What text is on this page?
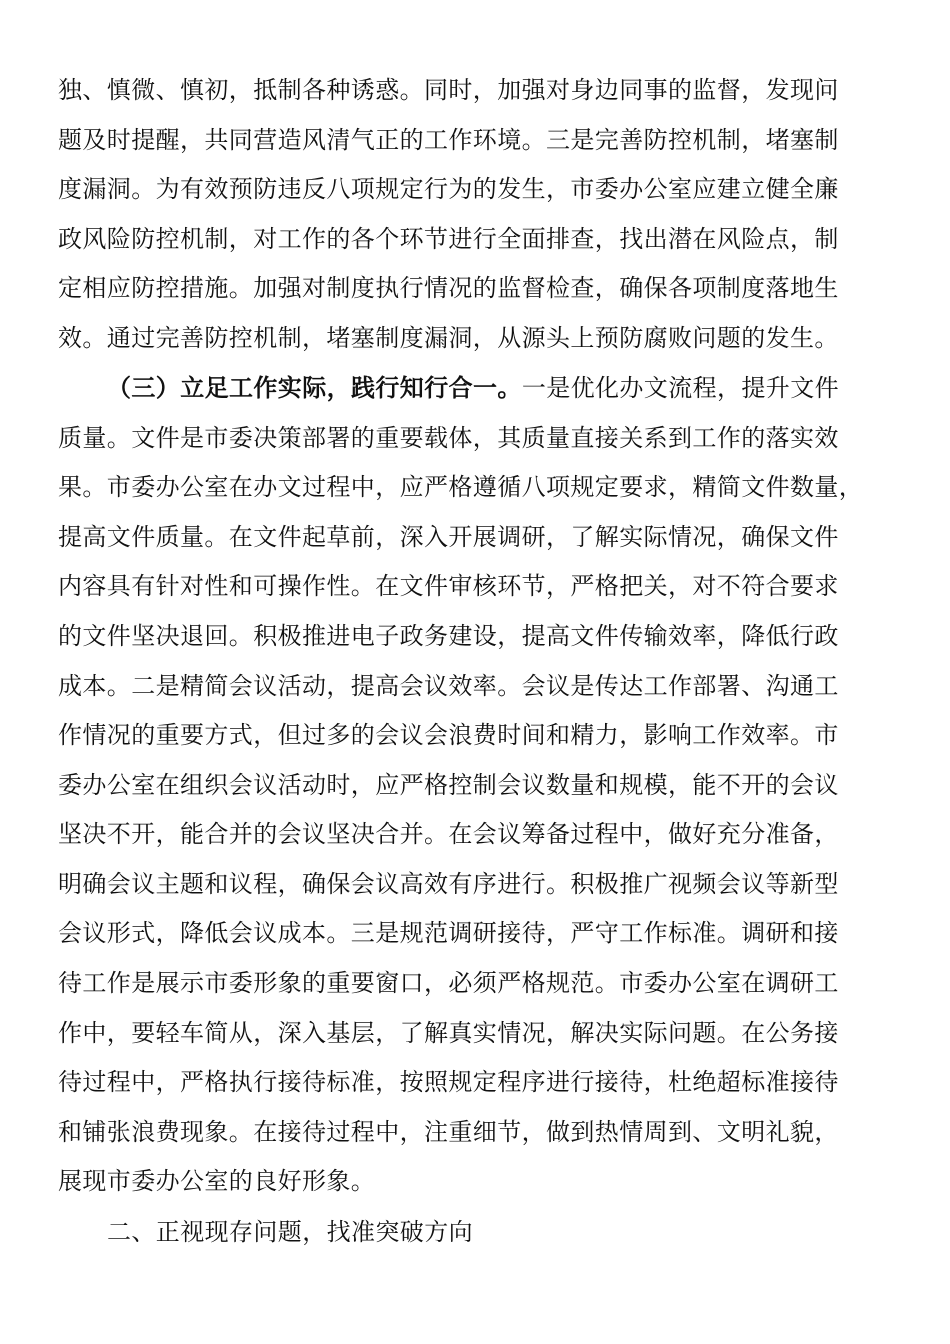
独、慎微、慎初，抵制各种诱惑。同时，加强对身边同事的监督，发现问
题及时提醒，共同营造风清气正的工作环境。三是完善防控机制，堵塞制
度漏洞。为有效预防违反八项规定行为的发生，市委办公室应建立健全廉
政风险防控机制，对工作的各个环节进行全面排查，找出潜在风险点，制
定相应防控措施。加强对制度执行情况的监督检查，确保各项制度落地生
效。通过完善防控机制，堵塞制度漏洞，从源头上预防腐败问题的发生。
（三）立足工作实际，践行知行合一。一是优化办文流程，提升文件
质量。文件是市委决策部署的重要载体，其质量直接关系到工作的落实效
果。市委办公室在办文过程中，应严格遵循八项规定要求，精简文件数量，
提高文件质量。在文件起草前，深入开展调研，了解实际情况，确保文件
内容具有针对性和可操作性。在文件审核环节，严格把关，对不符合要求
的文件坚决退回。积极推进电子政务建设，提高文件传输效率，降低行政
成本。二是精简会议活动，提高会议效率。会议是传达工作部署、沟通工
作情况的重要方式，但过多的会议会浪费时间和精力，影响工作效率。市
委办公室在组织会议活动时，应严格控制会议数量和规模，能不开的会议
坚决不开，能合并的会议坚决合并。在会议筹备过程中，做好充分准备，
明确会议主题和议程，确保会议高效有序进行。积极推广视频会议等新型
会议形式，降低会议成本。三是规范调研接待，严守工作标准。调研和接
待工作是展示市委形象的重要窗口，必须严格规范。市委办公室在调研工
作中，要轻车简从，深入基层，了解真实情况，解决实际问题。在公务接
待过程中，严格执行接待标准，按照规定程序进行接待，杜绝超标准接待
和铺张浪费现象。在接待过程中，注重细节，做到热情周到、文明礼貌，
展现市委办公室的良好形象。
二、正视现存问题，找准突破方向
